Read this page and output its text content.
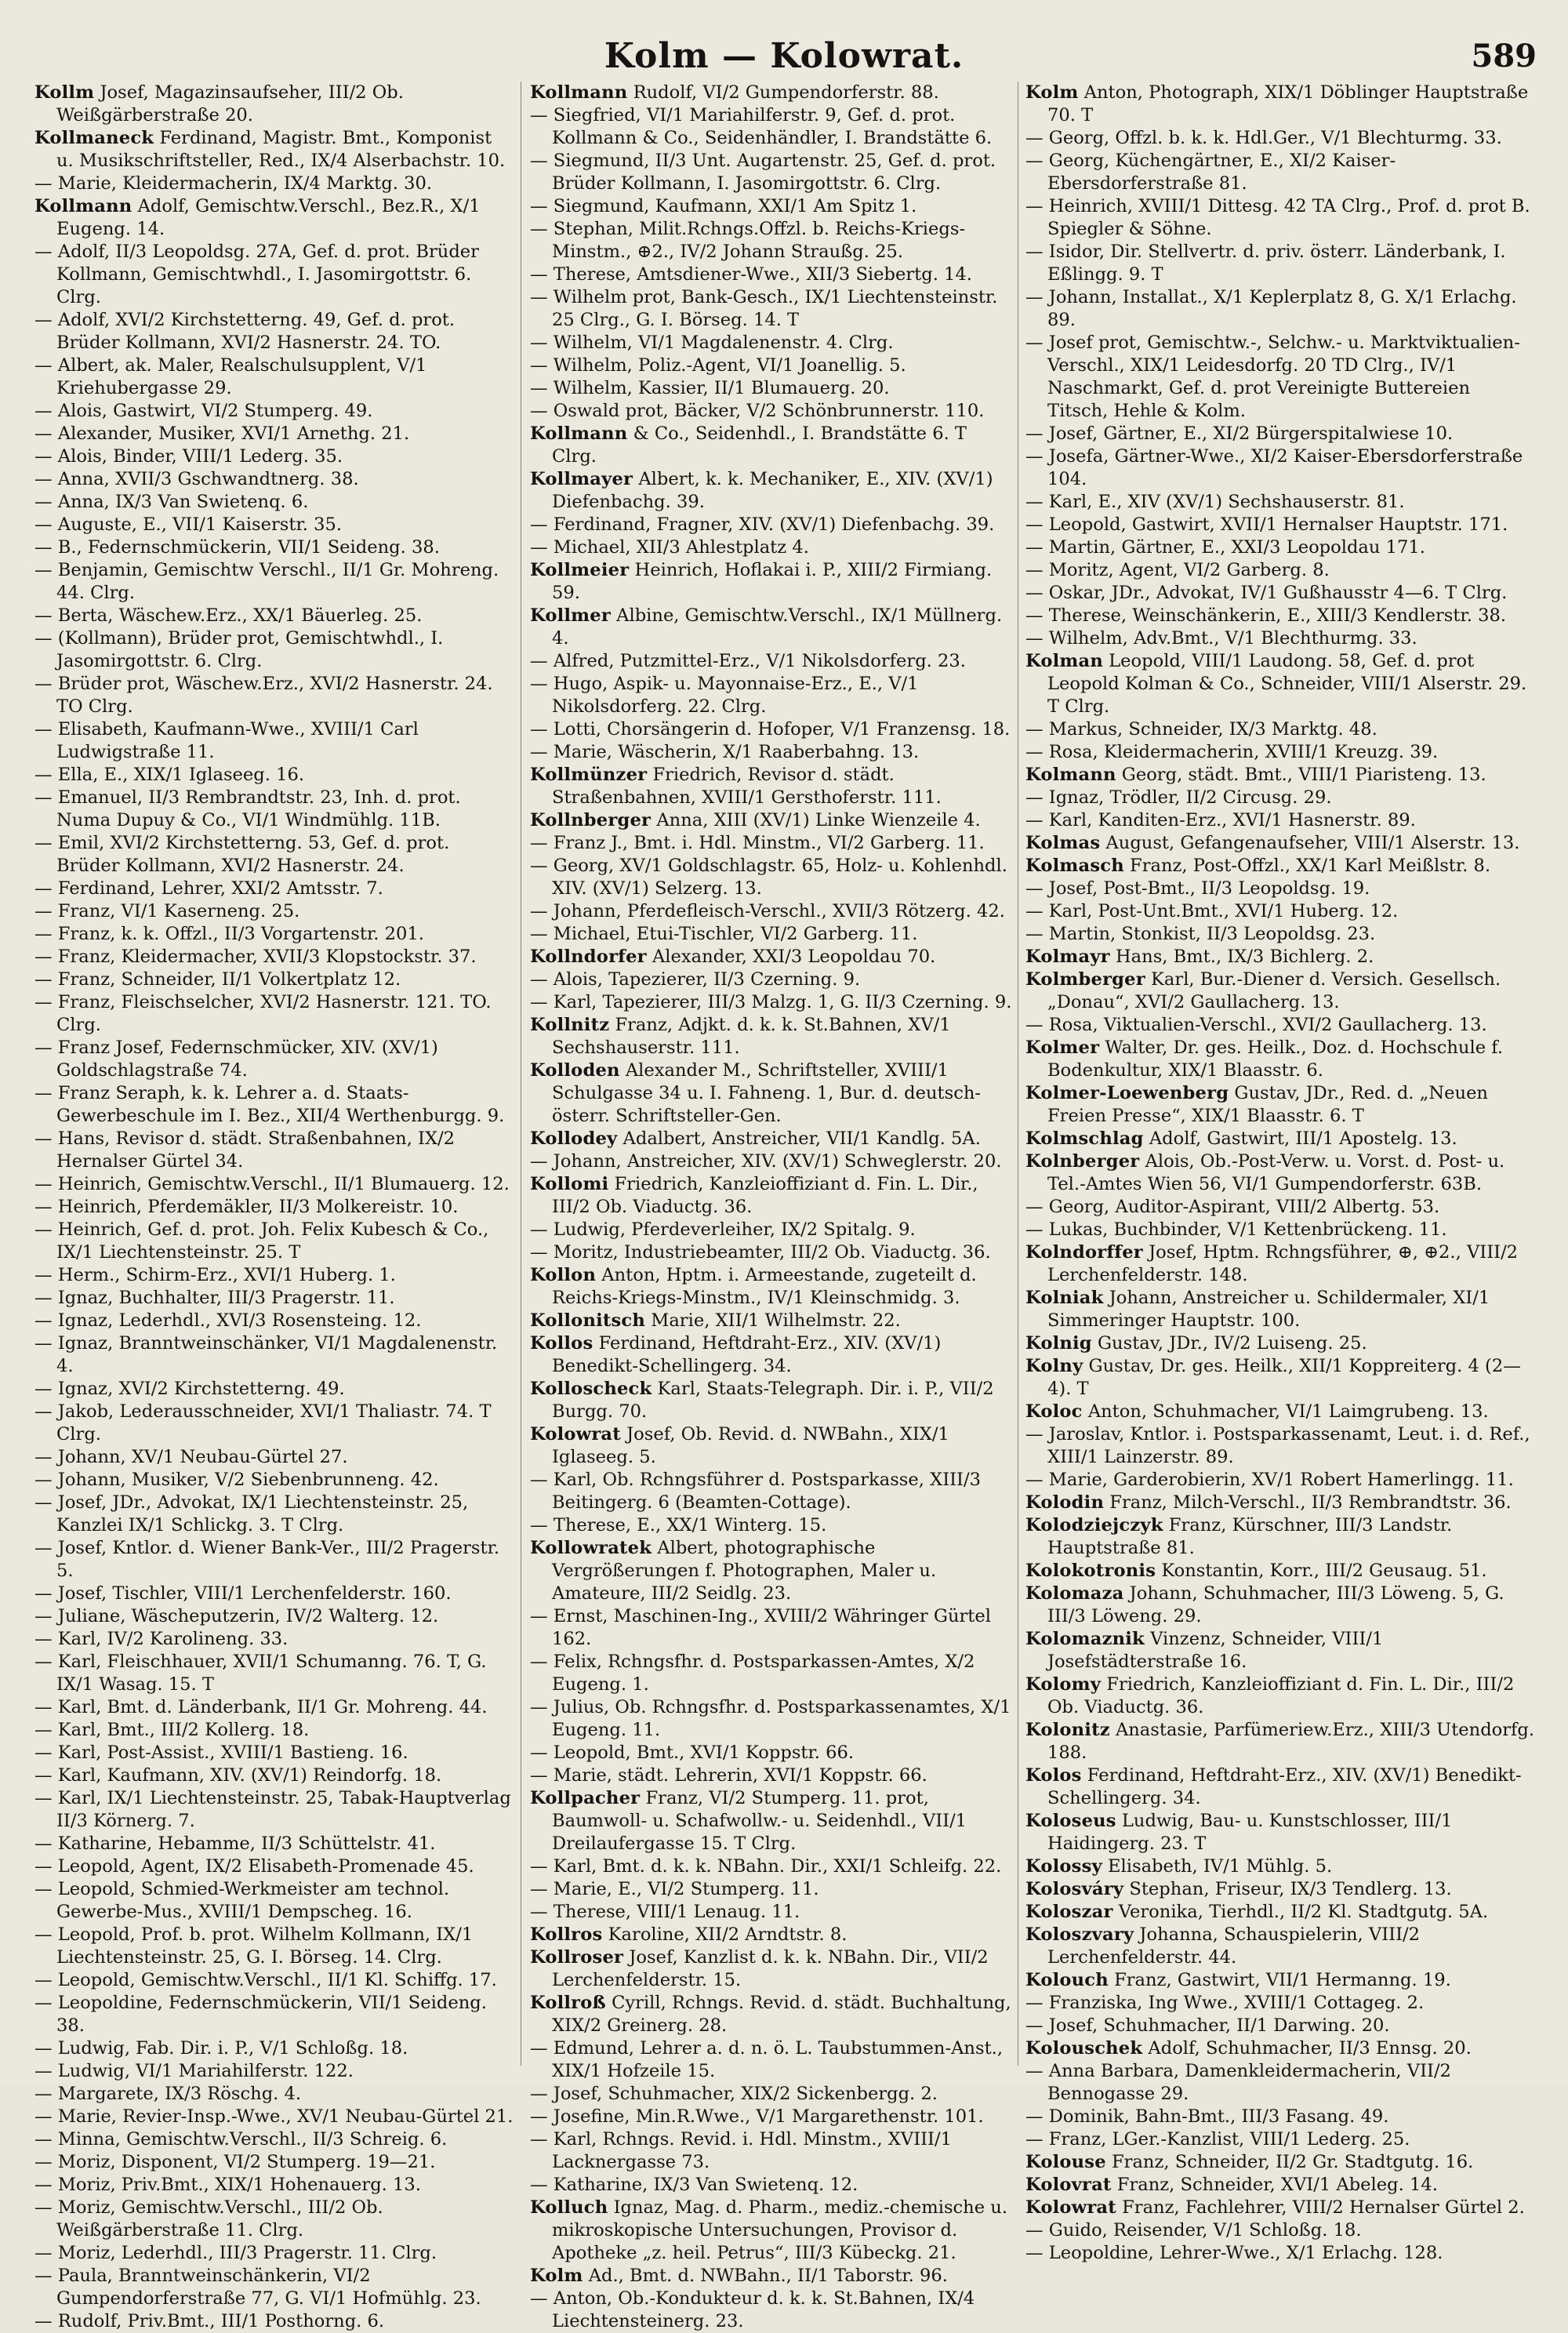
Kolm — Kolowrat.	589

Kollm Josef, Magazinsaufseher, III/2 Ob. Weißgärberstraße 20.

Kollmaneck Ferdinand, Magistr. Bmt., Komponist u. Musikschriftsteller, Red., IX/4 Alserbachstr. 10.

— Marie, Kleidermacherin, IX/4 Marktg. 30.

Kollmann Adolf, Gemischtw.Verschl., Bez.R., X/1 Eugeng. 14.

— Adolf, II/3 Leopoldsg. 27A, Gef. d. prot. Brüder Kollmann, Gemischtwhdl., I. Jasomirgottstr. 6. Clrg.

— Adolf, XVI/2 Kirchstetterng. 49, Gef. d. prot. Brüder Kollmann, XVI/2 Hasnerstr. 24. TO.

— Albert, ak. Maler, Realschulsupplent, V/1 Kriehubergasse 29.

— Alois, Gastwirt, VI/2 Stumperg. 49.

— Alexander, Musiker, XVI/1 Arnethg. 21.

— Alois, Binder, VIII/1 Lederg. 35.

— Anna, XVII/3 Gschwandtnerg. 38.

— Anna, IX/3 Van Swietenq. 6.

— Auguste, E., VII/1 Kaiserstr. 35.

— B., Federnschmückerin, VII/1 Seideng. 38.

— Benjamin, Gemischtw Verschl., II/1 Gr. Mohreng. 44. Clrg.

— Berta, Wäschew.Erz., XX/1 Bäuerleg. 25.

— (Kollmann), Brüder prot, Gemischtwhdl., I. Jasomirgottstr. 6. Clrg.

— Brüder prot, Wäschew.Erz., XVI/2 Hasnerstr. 24. TO Clrg.

— Elisabeth, Kaufmann-Wwe., XVIII/1 Carl Ludwigstraße 11.

— Ella, E., XIX/1 Iglaseeg. 16.

— Emanuel, II/3 Rembrandtstr. 23, Inh. d. prot. Numa Dupuy & Co., VI/1 Windmühlg. 11B.

— Emil, XVI/2 Kirchstetterng. 53, Gef. d. prot. Brüder Kollmann, XVI/2 Hasnerstr. 24.

— Ferdinand, Lehrer, XXI/2 Amtsstr. 7.

— Franz, VI/1 Kaserneng. 25.

— Franz, k. k. Offzl., II/3 Vorgartenstr. 201.

— Franz, Kleidermacher, XVII/3 Klopstockstr. 37.

— Franz, Schneider, II/1 Volkertplatz 12.

— Franz, Fleischselcher, XVI/2 Hasnerstr. 121. TO. Clrg.

— Franz Josef, Federnschmücker, XIV. (XV/1) Goldschlagstraße 74.

— Franz Seraph, k. k. Lehrer a. d. Staats-Gewerbeschule im I. Bez., XII/4 Werthenburgg. 9.

— Hans, Revisor d. städt. Straßenbahnen, IX/2 Hernalser Gürtel 34.

— Heinrich, Gemischtw.Verschl., II/1 Blumauerg. 12.

— Heinrich, Pferdemäkler, II/3 Molkereistr. 10.

— Heinrich, Gef. d. prot. Joh. Felix Kubesch & Co., IX/1 Liechtensteinstr. 25. T

— Herm., Schirm-Erz., XVI/1 Huberg. 1.

— Ignaz, Buchhalter, III/3 Pragerstr. 11.

— Ignaz, Lederhdl., XVI/3 Rosensteing. 12.

— Ignaz, Branntweinschänker, VI/1 Magdalenenstr. 4.

— Ignaz, XVI/2 Kirchstetterng. 49.

— Jakob, Lederausschneider, XVI/1 Thaliastr. 74. T Clrg.

— Johann, XV/1 Neubau-Gürtel 27.

— Johann, Musiker, V/2 Siebenbrunneng. 42.

— Josef, JDr., Advokat, IX/1 Liechtensteinstr. 25, Kanzlei IX/1 Schlickg. 3. T Clrg.

— Josef, Kntlor. d. Wiener Bank-Ver., III/2 Pragerstr. 5.

— Josef, Tischler, VIII/1 Lerchenfelderstr. 160.

— Juliane, Wäscheputzerin, IV/2 Walterg. 12.

— Karl, IV/2 Karolineng. 33.

— Karl, Fleischhauer, XVII/1 Schumanng. 76. T, G. IX/1 Wasag. 15. T

— Karl, Bmt. d. Länderbank, II/1 Gr. Mohreng. 44.

— Karl, Bmt., III/2 Kollerg. 18.

— Karl, Post-Assist., XVIII/1 Bastieng. 16.

— Karl, Kaufmann, XIV. (XV/1) Reindorfg. 18.

— Karl, IX/1 Liechtensteinstr. 25, Tabak-Hauptverlag II/3 Körnerg. 7.

— Katharine, Hebamme, II/3 Schüttelstr. 41.

— Leopold, Agent, IX/2 Elisabeth-Promenade 45.

— Leopold, Schmied-Werkmeister am technol. Gewerbe-Mus., XVIII/1 Dempscheg. 16.

— Leopold, Prof. b. prot. Wilhelm Kollmann, IX/1 Liechtensteinstr. 25, G. I. Börseg. 14. Clrg.

— Leopold, Gemischtw.Verschl., II/1 Kl. Schiffg. 17.

— Leopoldine, Federnschmückerin, VII/1 Seideng. 38.

— Ludwig, Fab. Dir. i. P., V/1 Schloßg. 18.

— Ludwig, VI/1 Mariahilferstr. 122.

— Margarete, IX/3 Röschg. 4.

— Marie, Revier-Insp.-Wwe., XV/1 Neubau-Gürtel 21.

— Minna, Gemischtw.Verschl., II/3 Schreig. 6.

— Moriz, Disponent, VI/2 Stumperg. 19—21.

— Moriz, Priv.Bmt., XIX/1 Hohenauerg. 13.

— Moriz, Gemischtw.Verschl., III/2 Ob. Weißgärberstraße 11. Clrg.

— Moriz, Lederhdl., III/3 Pragerstr. 11. Clrg.

— Paula, Branntweinschänkerin, VI/2 Gumpendorferstraße 77, G. VI/1 Hofmühlg. 23.

— Rudolf, Priv.Bmt., III/1 Posthorng. 6.

Kollmann Rudolf, VI/2 Gumpendorferstr. 88.

— Siegfried, VI/1 Mariahilferstr. 9, Gef. d. prot. Kollmann & Co., Seidenhändler, I. Brandstätte 6.

— Siegmund, II/3 Unt. Augartenstr. 25, Gef. d. prot. Brüder Kollmann, I. Jasomirgottstr. 6. Clrg.

— Siegmund, Kaufmann, XXI/1 Am Spitz 1.

— Stephan, Milit.Rchngs.Offzl. b. Reichs-Kriegs-Minstm., ⊕2., IV/2 Johann Straußg. 25.

— Therese, Amtsdiener-Wwe., XII/3 Siebertg. 14.

— Wilhelm prot, Bank-Gesch., IX/1 Liechtensteinstr. 25 Clrg., G. I. Börseg. 14. T

— Wilhelm, VI/1 Magdalenenstr. 4. Clrg.

— Wilhelm, Poliz.-Agent, VI/1 Joanellig. 5.

— Wilhelm, Kassier, II/1 Blumauerg. 20.

— Oswald prot, Bäcker, V/2 Schönbrunnerstr. 110.

Kollmann & Co., Seidenhdl., I. Brandstätte 6. T Clrg.

Kollmayer Albert, k. k. Mechaniker, E., XIV. (XV/1) Diefenbachg. 39.

— Ferdinand, Fragner, XIV. (XV/1) Diefenbachg. 39.

— Michael, XII/3 Ahlestplatz 4.

Kollmeier Heinrich, Hoflakai i. P., XIII/2 Firmiang. 59.

Kollmer Albine, Gemischtw.Verschl., IX/1 Müllnerg. 4.

— Alfred, Putzmittel-Erz., V/1 Nikolsdorferg. 23.

— Hugo, Aspik- u. Mayonnaise-Erz., E., V/1 Nikolsdorferg. 22. Clrg.

— Lotti, Chorsängerin d. Hofoper, V/1 Franzensg. 18.

— Marie, Wäscherin, X/1 Raaberbahng. 13.

Kollmünzer Friedrich, Revisor d. städt. Straßenbahnen, XVIII/1 Gersthoferstr. 111.

Kollnberger Anna, XIII (XV/1) Linke Wienzeile 4.

— Franz J., Bmt. i. Hdl. Minstm., VI/2 Garberg. 11.

— Georg, XV/1 Goldschlagstr. 65, Holz- u. Kohlenhdl. XIV. (XV/1) Selzerg. 13.

— Johann, Pferdefleisch-Verschl., XVII/3 Rötzerg. 42.

— Michael, Etui-Tischler, VI/2 Garberg. 11.

Kollndorfer Alexander, XXI/3 Leopoldau 70.

— Alois, Tapezierer, II/3 Czerning. 9.

— Karl, Tapezierer, III/3 Malzg. 1, G. II/3 Czerning. 9.

Kollnitz Franz, Adjkt. d. k. k. St.Bahnen, XV/1 Sechshauserstr. 111.

Kolloden Alexander M., Schriftsteller, XVIII/1 Schulgasse 34 u. I. Fahneng. 1, Bur. d. deutsch-österr. Schriftsteller-Gen.

Kollodey Adalbert, Anstreicher, VII/1 Kandlg. 5A.

— Johann, Anstreicher, XIV. (XV/1) Schweglerstr. 20.

Kollomi Friedrich, Kanzleioffiziant d. Fin. L. Dir., III/2 Ob. Viaductg. 36.

— Ludwig, Pferdeverleiher, IX/2 Spitalg. 9.

— Moritz, Industriebeamter, III/2 Ob. Viaductg. 36.

Kollon Anton, Hptm. i. Armeestande, zugeteilt d. Reichs-Kriegs-Minstm., IV/1 Kleinschmidg. 3.

Kollonitsch Marie, XII/1 Wilhelmstr. 22.

Kollos Ferdinand, Heftdraht-Erz., XIV. (XV/1) Benedikt-Schellingerg. 34.

Kolloscheck Karl, Staats-Telegraph. Dir. i. P., VII/2 Burgg. 70.

Kolowrat Josef, Ob. Revid. d. NWBahn., XIX/1 Iglaseeg. 5.

— Karl, Ob. Rchngsführer d. Postsparkasse, XIII/3 Beitingerg. 6 (Beamten-Cottage).

— Therese, E., XX/1 Winterg. 15.

Kollowratek Albert, photographische Vergrößerungen f. Photographen, Maler u. Amateure, III/2 Seidlg. 23.

— Ernst, Maschinen-Ing., XVIII/2 Währinger Gürtel 162.

— Felix, Rchngsfhr. d. Postsparkassen-Amtes, X/2 Eugeng. 1.

— Julius, Ob. Rchngsfhr. d. Postsparkassenamtes, X/1 Eugeng. 11.

— Leopold, Bmt., XVI/1 Koppstr. 66.

— Marie, städt. Lehrerin, XVI/1 Koppstr. 66.

Kollpacher Franz, VI/2 Stumperg. 11. prot, Baumwoll- u. Schafwollw.- u. Seidenhdl., VII/1 Dreilaufergasse 15. T Clrg.

— Karl, Bmt. d. k. k. NBahn. Dir., XXI/1 Schleifg. 22.

— Marie, E., VI/2 Stumperg. 11.

— Therese, VIII/1 Lenaug. 11.

Kollros Karoline, XII/2 Arndtstr. 8.

Kollroser Josef, Kanzlist d. k. k. NBahn. Dir., VII/2 Lerchenfelderstr. 15.

Kollroß Cyrill, Rchngs. Revid. d. städt. Buchhaltung, XIX/2 Greinerg. 28.

— Edmund, Lehrer a. d. n. ö. L. Taubstummen-Anst., XIX/1 Hofzeile 15.

— Josef, Schuhmacher, XIX/2 Sickenbergg. 2.

— Josefine, Min.R.Wwe., V/1 Margarethenstr. 101.

— Karl, Rchngs. Revid. i. Hdl. Minstm., XVIII/1 Lacknergasse 73.

— Katharine, IX/3 Van Swietenq. 12.

Kolluch Ignaz, Mag. d. Pharm., mediz.-chemische u. mikroskopische Untersuchungen, Provisor d. Apotheke „z. heil. Petrus“, III/3 Kübeckg. 21.

Kolm Ad., Bmt. d. NWBahn., II/1 Taborstr. 96.

— Anton, Ob.-Kondukteur d. k. k. St.Bahnen, IX/4 Liechtensteinerg. 23.

Kolm Anton, Photograph, XIX/1 Döblinger Hauptstraße 70. T

— Georg, Offzl. b. k. k. Hdl.Ger., V/1 Blechturmg. 33.

— Georg, Küchengärtner, E., XI/2 Kaiser-Ebersdorferstraße 81.

— Heinrich, XVIII/1 Dittesg. 42 TA Clrg., Prof. d. prot B. Spiegler & Söhne.

— Isidor, Dir. Stellvertr. d. priv. österr. Länderbank, I. Eßlingg. 9. T

— Johann, Installat., X/1 Keplerplatz 8, G. X/1 Erlachg. 89.

— Josef prot, Gemischtw.-, Selchw.- u. Marktviktualien-Verschl., XIX/1 Leidesdorfg. 20 TD Clrg., IV/1 Naschmarkt, Gef. d. prot Vereinigte Buttereien Titsch, Hehle & Kolm.

— Josef, Gärtner, E., XI/2 Bürgerspitalwiese 10.

— Josefa, Gärtner-Wwe., XI/2 Kaiser-Ebersdorferstraße 104.

— Karl, E., XIV (XV/1) Sechshauserstr. 81.

— Leopold, Gastwirt, XVII/1 Hernalser Hauptstr. 171.

— Martin, Gärtner, E., XXI/3 Leopoldau 171.

— Moritz, Agent, VI/2 Garberg. 8.

— Oskar, JDr., Advokat, IV/1 Gußhausstr 4—6. T Clrg.

— Therese, Weinschänkerin, E., XIII/3 Kendlerstr. 38.

— Wilhelm, Adv.Bmt., V/1 Blechthurmg. 33.

Kolman Leopold, VIII/1 Laudong. 58, Gef. d. prot Leopold Kolman & Co., Schneider, VIII/1 Alserstr. 29. T Clrg.

— Markus, Schneider, IX/3 Marktg. 48.

— Rosa, Kleidermacherin, XVIII/1 Kreuzg. 39.

Kolmann Georg, städt. Bmt., VIII/1 Piaristeng. 13.

— Ignaz, Trödler, II/2 Circusg. 29.

— Karl, Kanditen-Erz., XVI/1 Hasnerstr. 89.

Kolmas August, Gefangenaufseher, VIII/1 Alserstr. 13.

Kolmasch Franz, Post-Offzl., XX/1 Karl Meißlstr. 8.

— Josef, Post-Bmt., II/3 Leopoldsg. 19.

— Karl, Post-Unt.Bmt., XVI/1 Huberg. 12.

— Martin, Stonkist, II/3 Leopoldsg. 23.

Kolmayr Hans, Bmt., IX/3 Bichlerg. 2.

Kolmberger Karl, Bur.-Diener d. Versich. Gesellsch. „Donau“, XVI/2 Gaullacherg. 13.

— Rosa, Viktualien-Verschl., XVI/2 Gaullacherg. 13.

Kolmer Walter, Dr. ges. Heilk., Doz. d. Hochschule f. Bodenkultur, XIX/1 Blaasstr. 6.

Kolmer-Loewenberg Gustav, JDr., Red. d. „Neuen Freien Presse“, XIX/1 Blaasstr. 6. T

Kolmschlag Adolf, Gastwirt, III/1 Apostelg. 13.

Kolnberger Alois, Ob.-Post-Verw. u. Vorst. d. Post- u. Tel.-Amtes Wien 56, VI/1 Gumpendorferstr. 63B.

— Georg, Auditor-Aspirant, VIII/2 Albertg. 53.

— Lukas, Buchbinder, V/1 Kettenbrückeng. 11.

Kolndorffer Josef, Hptm. Rchngsführer, ⊕, ⊕2., VIII/2 Lerchenfelderstr. 148.

Kolniak Johann, Anstreicher u. Schildermaler, XI/1 Simmeringer Hauptstr. 100.

Kolnig Gustav, JDr., IV/2 Luiseng. 25.

Kolny Gustav, Dr. ges. Heilk., XII/1 Koppreiterg. 4 (2—4). T

Koloc Anton, Schuhmacher, VI/1 Laimgrubeng. 13.

— Jaroslav, Kntlor. i. Postsparkassenamt, Leut. i. d. Ref., XIII/1 Lainzerstr. 89.

— Marie, Garderobierin, XV/1 Robert Hamerlingg. 11.

Kolodin Franz, Milch-Verschl., II/3 Rembrandtstr. 36.

Kolodziejczyk Franz, Kürschner, III/3 Landstr. Hauptstraße 81.

Kolokotronis Konstantin, Korr., III/2 Geusaug. 51.

Kolomaza Johann, Schuhmacher, III/3 Löweng. 5, G. III/3 Löweng. 29.

Kolomaznik Vinzenz, Schneider, VIII/1 Josefstädterstraße 16.

Kolomy Friedrich, Kanzleioffiziant d. Fin. L. Dir., III/2 Ob. Viaductg. 36.

Kolonitz Anastasie, Parfümeriew.Erz., XIII/3 Utendorfg. 188.

Kolos Ferdinand, Heftdraht-Erz., XIV. (XV/1) Benedikt-Schellingerg. 34.

Koloseus Ludwig, Bau- u. Kunstschlosser, III/1 Haidingerg. 23. T

Kolossy Elisabeth, IV/1 Mühlg. 5.

Kolosváry Stephan, Friseur, IX/3 Tendlerg. 13.

Koloszar Veronika, Tierhdl., II/2 Kl. Stadtgutg. 5A.

Koloszvary Johanna, Schauspielerin, VIII/2 Lerchenfelderstr. 44.

Kolouch Franz, Gastwirt, VII/1 Hermanng. 19.

— Franziska, Ing Wwe., XVIII/1 Cottageg. 2.

— Josef, Schuhmacher, II/1 Darwing. 20.

Kolouschek Adolf, Schuhmacher, II/3 Ennsg. 20.

— Anna Barbara, Damenkleidermacherin, VII/2 Bennogasse 29.

— Dominik, Bahn-Bmt., III/3 Fasang. 49.

— Franz, LGer.-Kanzlist, VIII/1 Lederg. 25.

Kolouse Franz, Schneider, II/2 Gr. Stadtgutg. 16.

Kolovrat Franz, Schneider, XVI/1 Abeleg. 14.

Kolowrat Franz, Fachlehrer, VIII/2 Hernalser Gürtel 2.

— Guido, Reisender, V/1 Schloßg. 18.

— Leopoldine, Lehrer-Wwe., X/1 Erlachg. 128.
